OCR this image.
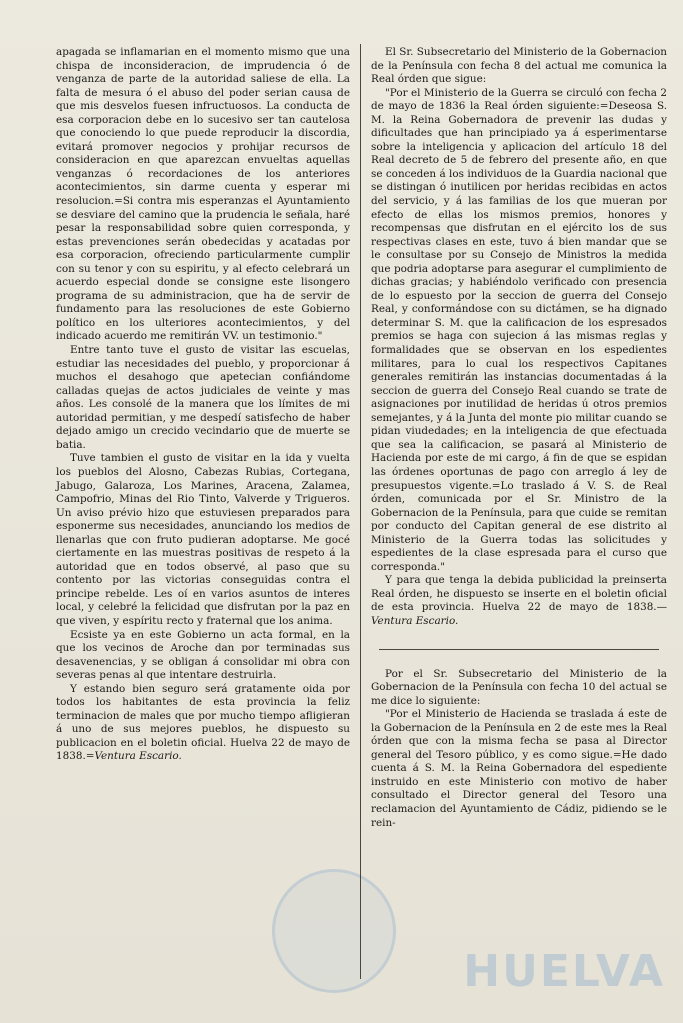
apagada se inflamarian en el momento mismo que una chispa de inconsideracion, de imprudencia ó de venganza de parte de la autoridad saliese de ella. La falta de mesura ó el abuso del poder serian causa de que mis desvelos fuesen infructuosos. La conducta de esa corporacion debe en lo sucesivo ser tan cautelosa que conociendo lo que puede reproducir la discordia, evitará promover negocios y prohijar recursos de consideracion en que aparezcan envueltas aquellas venganzas ó recordaciones de los anteriores acontecimientos, sin darme cuenta y esperar mi resolucion.=Si contra mis esperanzas el Ayuntamiento se desviare del camino que la prudencia le señala, haré pesar la responsabilidad sobre quien corresponda, y estas prevenciones serán obedecidas y acatadas por esa corporacion, ofreciendo particularmente cumplir con su tenor y con su espiritu, y al efecto celebrará un acuerdo especial donde se consigne este lisongero programa de su administracion, que ha de servir de fundamento para las resoluciones de este Gobierno político en los ulteriores acontecimientos, y del indicado acuerdo me remitirán VV. un testimonio."

Entre tanto tuve el gusto de visitar las escuelas, estudiar las necesidades del pueblo, y proporcionar á muchos el desahogo que apetecian confiándome calladas quejas de actos judiciales de veinte y mas años. Les consolé de la manera que los límites de mi autoridad permitian, y me despedí satisfecho de haber dejado amigo un crecido vecindario que de muerte se batia.

Tuve tambien el gusto de visitar en la ida y vuelta los pueblos del Alosno, Cabezas Rubias, Cortegana, Jabugo, Galaroza, Los Marines, Aracena, Zalamea, Campofrio, Minas del Rio Tinto, Valverde y Trigueros. Un aviso prévio hizo que estuviesen preparados para esponerme sus necesidades, anunciando los medios de llenarlas que con fruto pudieran adoptarse. Me gocé ciertamente en las muestras positivas de respeto á la autoridad que en todos observé, al paso que su contento por las victorias conseguidas contra el principe rebelde. Les oí en varios asuntos de interes local, y celebré la felicidad que disfrutan por la paz en que viven, y espíritu recto y fraternal que los anima.

Ecsiste ya en este Gobierno un acta formal, en la que los vecinos de Aroche dan por terminadas sus desavenencias, y se obligan á consolidar mi obra con severas penas al que intentare destruirla.

Y estando bien seguro será gratamente oida por todos los habitantes de esta provincia la feliz terminacion de males que por mucho tiempo afligieran á uno de sus mejores pueblos, he dispuesto su publicacion en el boletin oficial. Huelva 22 de mayo de 1838.=Ventura Escario.

El Sr. Subsecretario del Ministerio de la Gobernacion de la Península con fecha 8 del actual me comunica la Real órden que sigue:

"Por el Ministerio de la Guerra se circuló con fecha 2 de mayo de 1836 la Real órden siguiente:=Deseosa S. M. la Reina Gobernadora de prevenir las dudas y dificultades que han principiado ya á esperimentarse sobre la inteligencia y aplicacion del artículo 18 del Real decreto de 5 de febrero del presente año, en que se conceden á los individuos de la Guardia nacional que se distingan ó inutilicen por heridas recibidas en actos del servicio, y á las familias de los que mueran por efecto de ellas los mismos premios, honores y recompensas que disfrutan en el ejército los de sus respectivas clases en este, tuvo á bien mandar que se le consultase por su Consejo de Ministros la medida que podria adoptarse para asegurar el cumplimiento de dichas gracias; y habiéndolo verificado con presencia de lo espuesto por la seccion de guerra del Consejo Real, y conformándose con su dictámen, se ha dignado determinar S. M. que la calificacion de los espresados premios se haga con sujecion á las mismas reglas y formalidades que se observan en los espedientes militares, para lo cual los respectivos Capitanes generales remitirán las instancias documentadas á la seccion de guerra del Consejo Real cuando se trate de asignaciones por inutilidad de heridas ú otros premios semejantes, y á la Junta del monte pio militar cuando se pidan viudedades; en la inteligencia de que efectuada que sea la calificacion, se pasará al Ministerio de Hacienda por este de mi cargo, á fin de que se espidan las órdenes oportunas de pago con arreglo á ley de presupuestos vigente.=Lo traslado á V. S. de Real órden, comunicada por el Sr. Ministro de la Gobernacion de la Península, para que cuide se remitan por conducto del Capitan general de ese distrito al Ministerio de la Guerra todas las solicitudes y espedientes de la clase espresada para el curso que corresponda."

Y para que tenga la debida publicidad la preinserta Real órden, he dispuesto se inserte en el boletin oficial de esta provincia. Huelva 22 de mayo de 1838.—Ventura Escario.

Por el Sr. Subsecretario del Ministerio de la Gobernacion de la Península con fecha 10 del actual se me dice lo siguiente:

"Por el Ministerio de Hacienda se traslada á este de la Gobernacion de la Península en 2 de este mes la Real órden que con la misma fecha se pasa al Director general del Tesoro público, y es como sigue.=He dado cuenta á S. M. la Reina Gobernadora del espediente instruido en este Ministerio con motivo de haber consultado el Director general del Tesoro una reclamacion del Ayuntamiento de Cádiz, pidiendo se le rein-

HUELVA
